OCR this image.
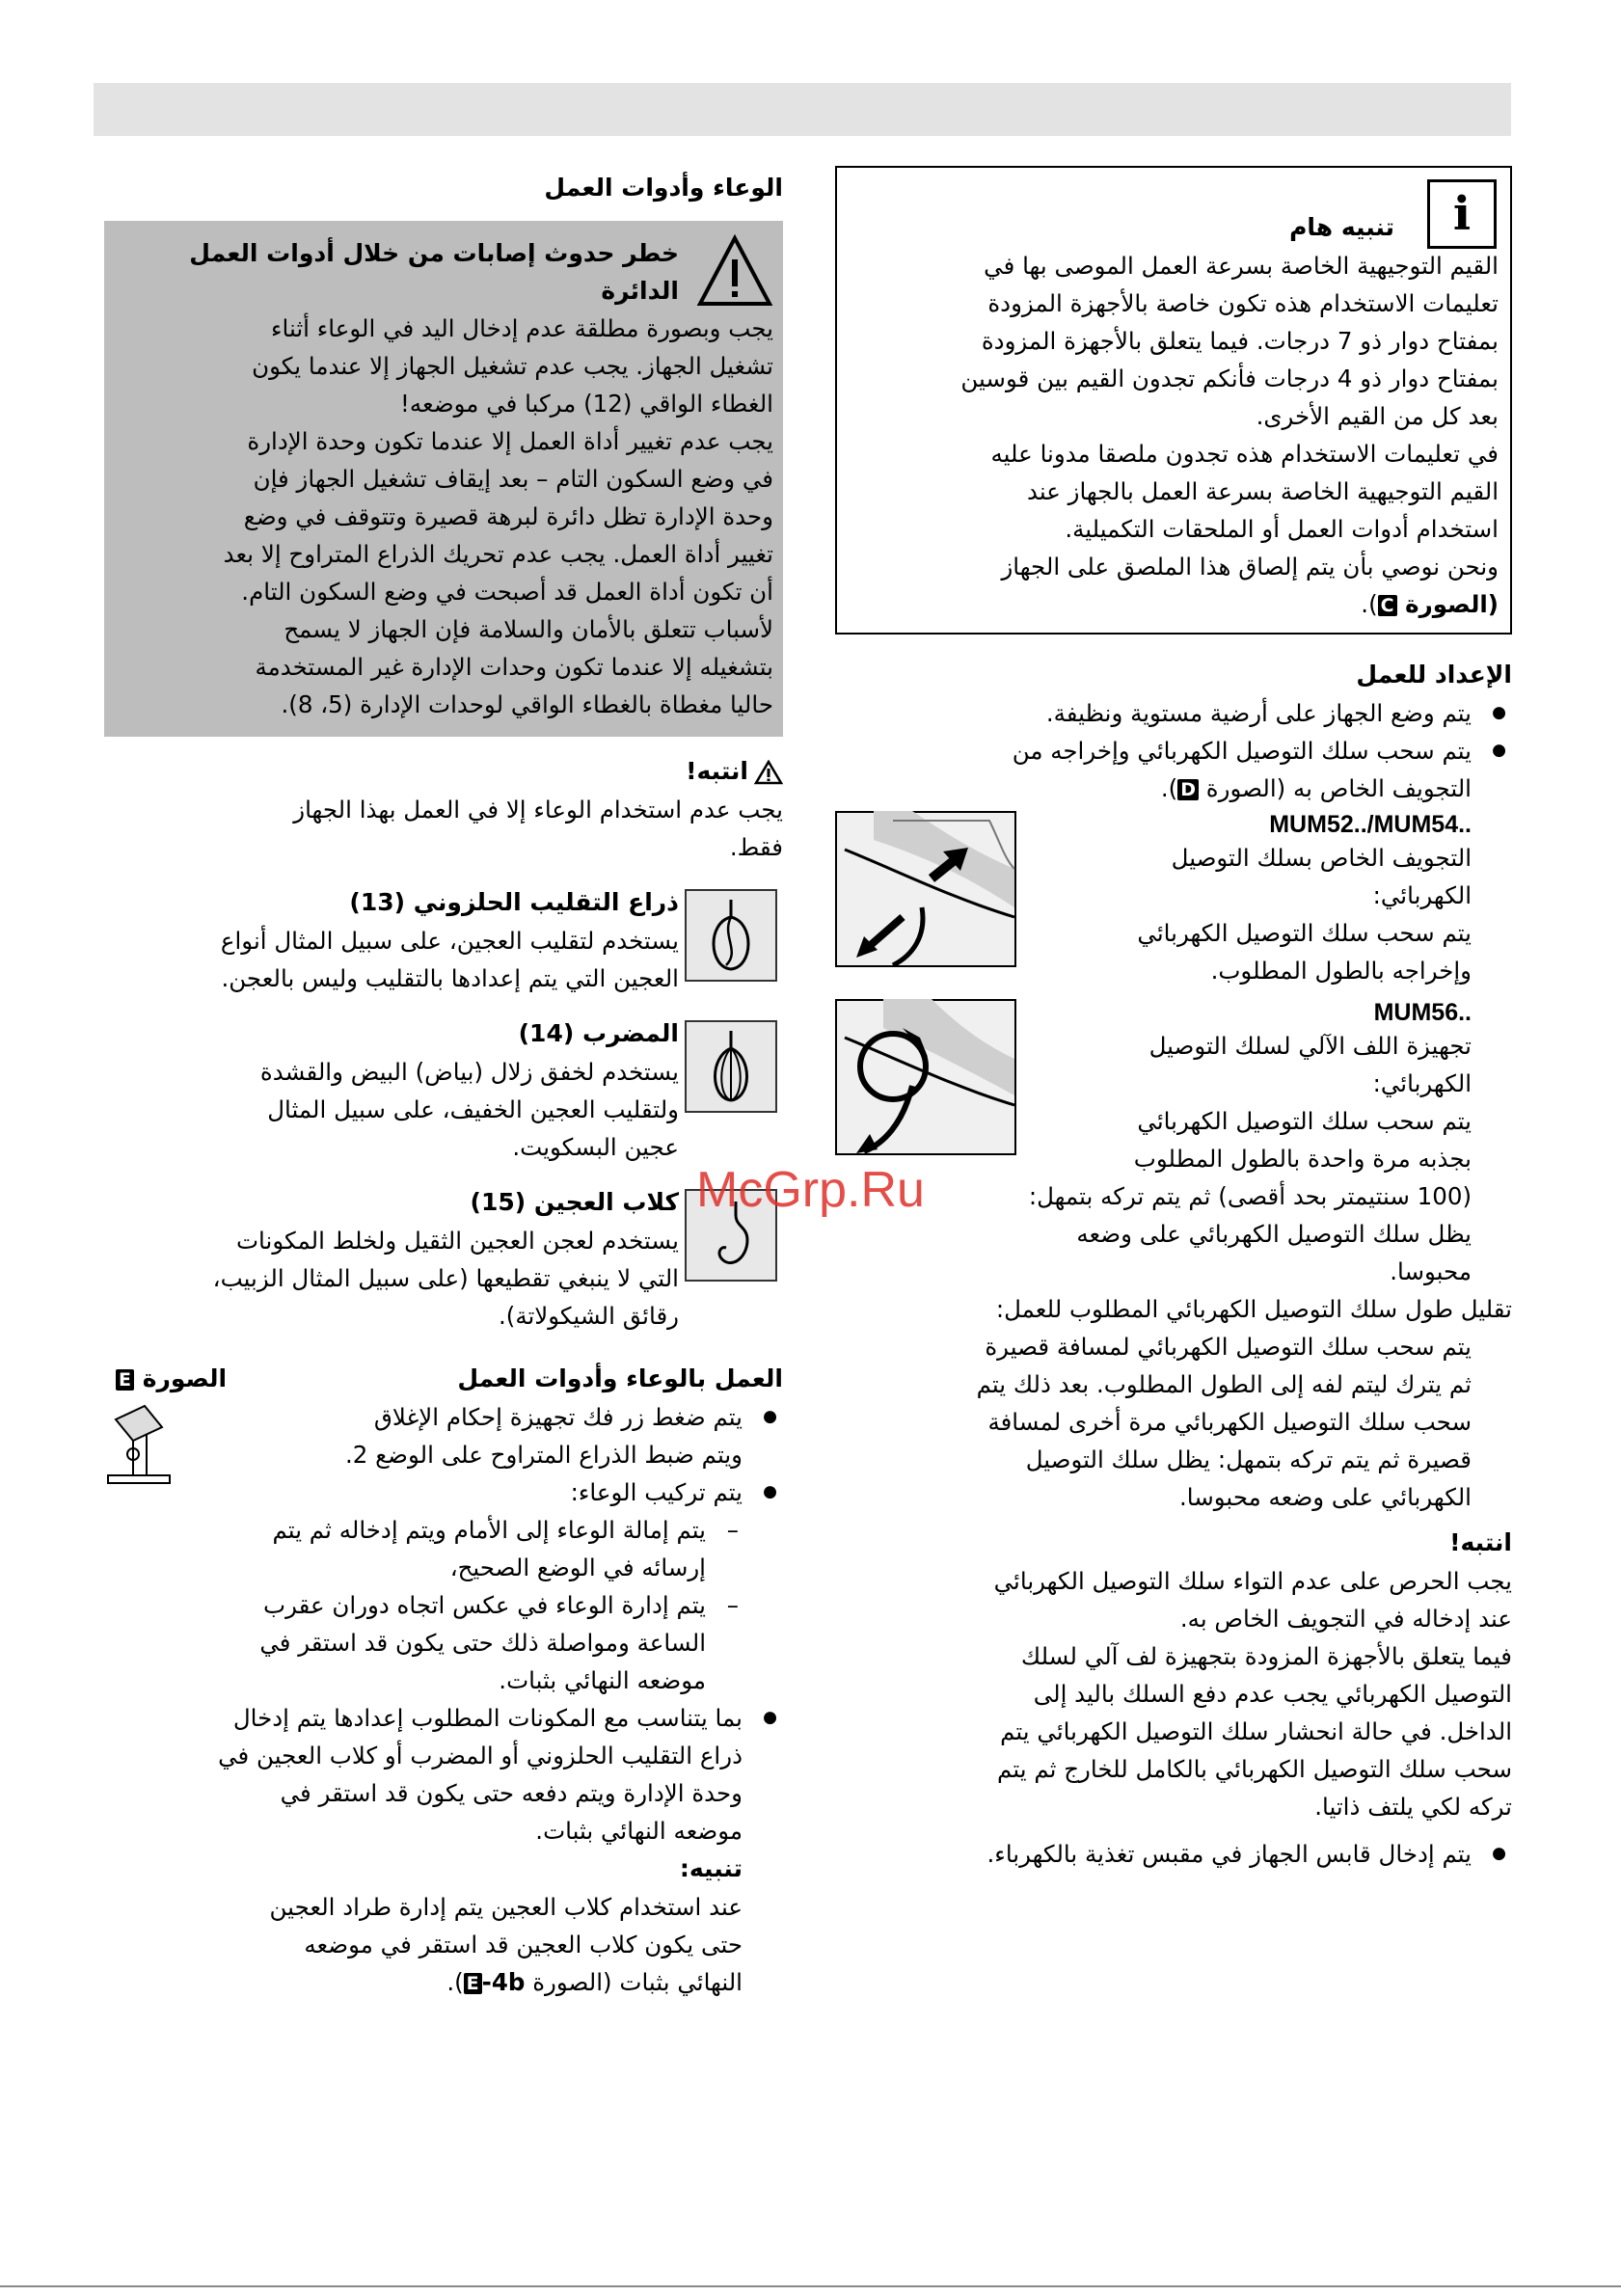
الوعاء وأدوات العمل
خطر حدوث إصابات من خلال أدوات العمل الدائرة
يجب وبصورة مطلقة عدم إدخال اليد في الوعاء أثناء
تشغيل الجهاز. يجب عدم تشغيل الجهاز إلا عندما يكون
الغطاء الواقي (12) مركبا في موضعه!
يجب عدم تغيير أداة العمل إلا عندما تكون وحدة الإدارة
في وضع السكون التام – بعد إيقاف تشغيل الجهاز فإن
وحدة الإدارة تظل دائرة لبرهة قصيرة وتتوقف في وضع
تغيير أداة العمل. يجب عدم تحريك الذراع المتراوح إلا بعد
أن تكون أداة العمل قد أصبحت في وضع السكون التام.
لأسباب تتعلق بالأمان والسلامة فإن الجهاز لا يسمح
بتشغيله إلا عندما تكون وحدات الإدارة غير المستخدمة
حاليا مغطاة بالغطاء الواقي لوحدات الإدارة (5، 8).
انتبه!
يجب عدم استخدام الوعاء إلا في العمل بهذا الجهاز
فقط.
ذراع التقليب الحلزوني (13)
يستخدم لتقليب العجين، على سبيل المثال أنواع
العجين التي يتم إعدادها بالتقليب وليس بالعجن.
المضرب (14)
يستخدم لخفق زلال (بياض) البيض والقشدة
ولتقليب العجين الخفيف، على سبيل المثال
عجين البسكويت.
كلاب العجين (15)
يستخدم لعجن العجين الثقيل ولخلط المكونات
التي لا ينبغي تقطيعها (على سبيل المثال الزبيب،
رقائق الشيكولاتة).
العمل بالوعاء وأدوات العمل
الصورة E
● يتم ضغط زر فك تجهيزة إحكام الإغلاق
ويتم ضبط الذراع المتراوح على الوضع 2.
● يتم تركيب الوعاء:
– يتم إمالة الوعاء إلى الأمام ويتم إدخاله ثم يتم
إرسائه في الوضع الصحيح،
– يتم إدارة الوعاء في عكس اتجاه دوران عقرب
الساعة ومواصلة ذلك حتى يكون قد استقر في
موضعه النهائي بثبات.
● بما يتناسب مع المكونات المطلوب إعدادها يتم إدخال
ذراع التقليب الحلزوني أو المضرب أو كلاب العجين في
وحدة الإدارة ويتم دفعه حتى يكون قد استقر في
موضعه النهائي بثبات.
تنبيه:
عند استخدام كلاب العجين يتم إدارة طراد العجين
حتى يكون كلاب العجين قد استقر في موضعه
النهائي بثبات (الصورة 4b-E).
i
تنبيه هام
القيم التوجيهية الخاصة بسرعة العمل الموصى بها في
تعليمات الاستخدام هذه تكون خاصة بالأجهزة المزودة
بمفتاح دوار ذو 7 درجات. فيما يتعلق بالأجهزة المزودة
بمفتاح دوار ذو 4 درجات فأنكم تجدون القيم بين قوسين
بعد كل من القيم الأخرى.
في تعليمات الاستخدام هذه تجدون ملصقا مدونا عليه
القيم التوجيهية الخاصة بسرعة العمل بالجهاز عند
استخدام أدوات العمل أو الملحقات التكميلية.
ونحن نوصي بأن يتم إلصاق هذا الملصق على الجهاز
(الصورة C).
الإعداد للعمل
● يتم وضع الجهاز على أرضية مستوية ونظيفة.
● يتم سحب سلك التوصيل الكهربائي وإخراجه من
التجويف الخاص به (الصورة D).
MUM52../MUM54..
التجويف الخاص بسلك التوصيل
الكهربائي:
يتم سحب سلك التوصيل الكهربائي
وإخراجه بالطول المطلوب.
MUM56..
تجهيزة اللف الآلي لسلك التوصيل
الكهربائي:
يتم سحب سلك التوصيل الكهربائي
بجذبه مرة واحدة بالطول المطلوب
(100 سنتيمتر بحد أقصى) ثم يتم تركه بتمهل:
يظل سلك التوصيل الكهربائي على وضعه
محبوسا.
تقليل طول سلك التوصيل الكهربائي المطلوب للعمل:
يتم سحب سلك التوصيل الكهربائي لمسافة قصيرة
ثم يترك ليتم لفه إلى الطول المطلوب. بعد ذلك يتم
سحب سلك التوصيل الكهربائي مرة أخرى لمسافة
قصيرة ثم يتم تركه بتمهل: يظل سلك التوصيل
الكهربائي على وضعه محبوسا.
انتبه!
يجب الحرص على عدم التواء سلك التوصيل الكهربائي
عند إدخاله في التجويف الخاص به.
فيما يتعلق بالأجهزة المزودة بتجهيزة لف آلي لسلك
التوصيل الكهربائي يجب عدم دفع السلك باليد إلى
الداخل. في حالة انحشار سلك التوصيل الكهربائي يتم
سحب سلك التوصيل الكهربائي بالكامل للخارج ثم يتم
تركه لكي يلتف ذاتيا.
● يتم إدخال قابس الجهاز في مقبس تغذية بالكهرباء.
McGrp.Ru
